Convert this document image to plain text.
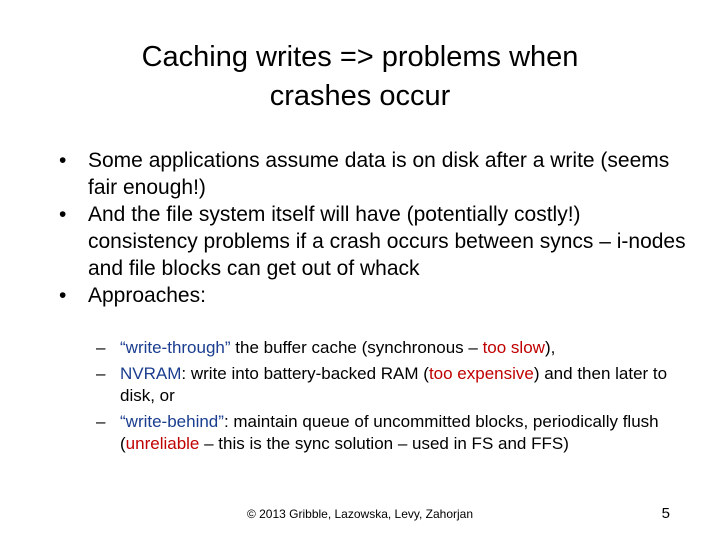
Caching writes => problems when
crashes occur
• Some applications assume data is on disk after a write (seems fair enough!)
• And the file system itself will have (potentially costly!) consistency problems if a crash occurs between syncs – i-nodes and file blocks can get out of whack
• Approaches:
– “write-through” the buffer cache (synchronous – too slow),
– NVRAM: write into battery-backed RAM (too expensive) and then later to disk, or
– “write-behind”: maintain queue of uncommitted blocks, periodically flush (unreliable – this is the sync solution – used in FS and FFS)
© 2013 Gribble, Lazowska, Levy, Zahorjan	5
